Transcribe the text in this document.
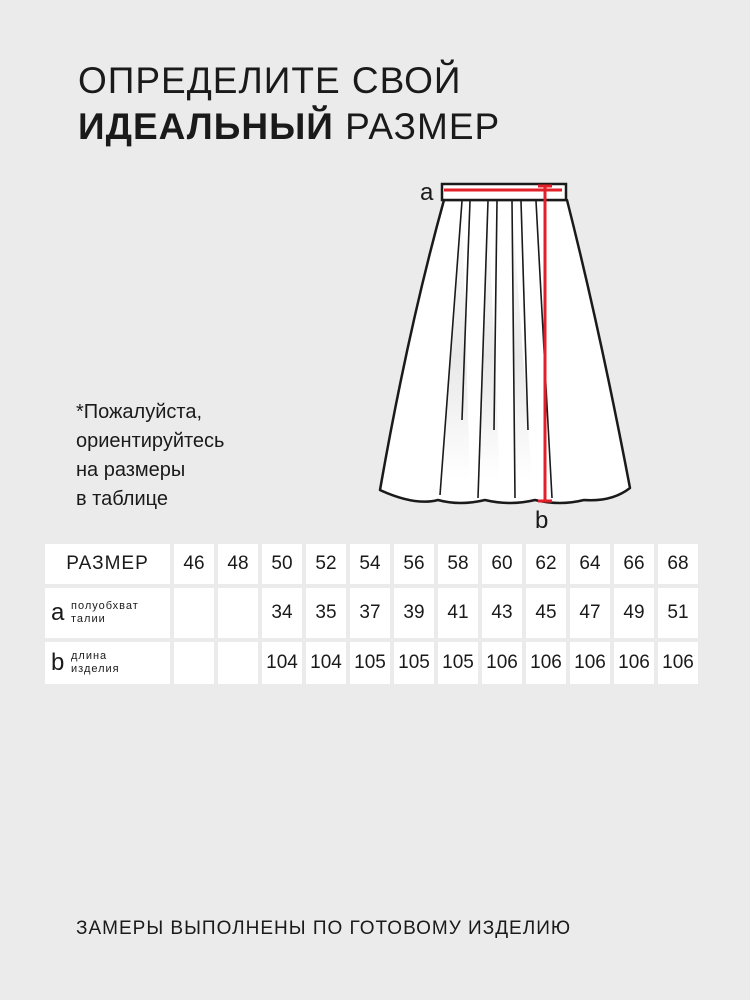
ОПРЕДЕЛИТЕ СВОЙ
ИДЕАЛЬНЫЙ РАЗМЕР
a
b
*Пожалуйста,
ориентируйтесь
на размеры
в таблице
РАЗМЕР	46	48	50	52	54	56	58	60	62	64	66	68

a полуобхват
талии			34	35	37	39	41	43	45	47	49	51

b длина
изделия			104	104	105	105	105	106	106	106	106	106
ЗАМЕРЫ ВЫПОЛНЕНЫ ПО ГОТОВОМУ ИЗДЕЛИЮ
